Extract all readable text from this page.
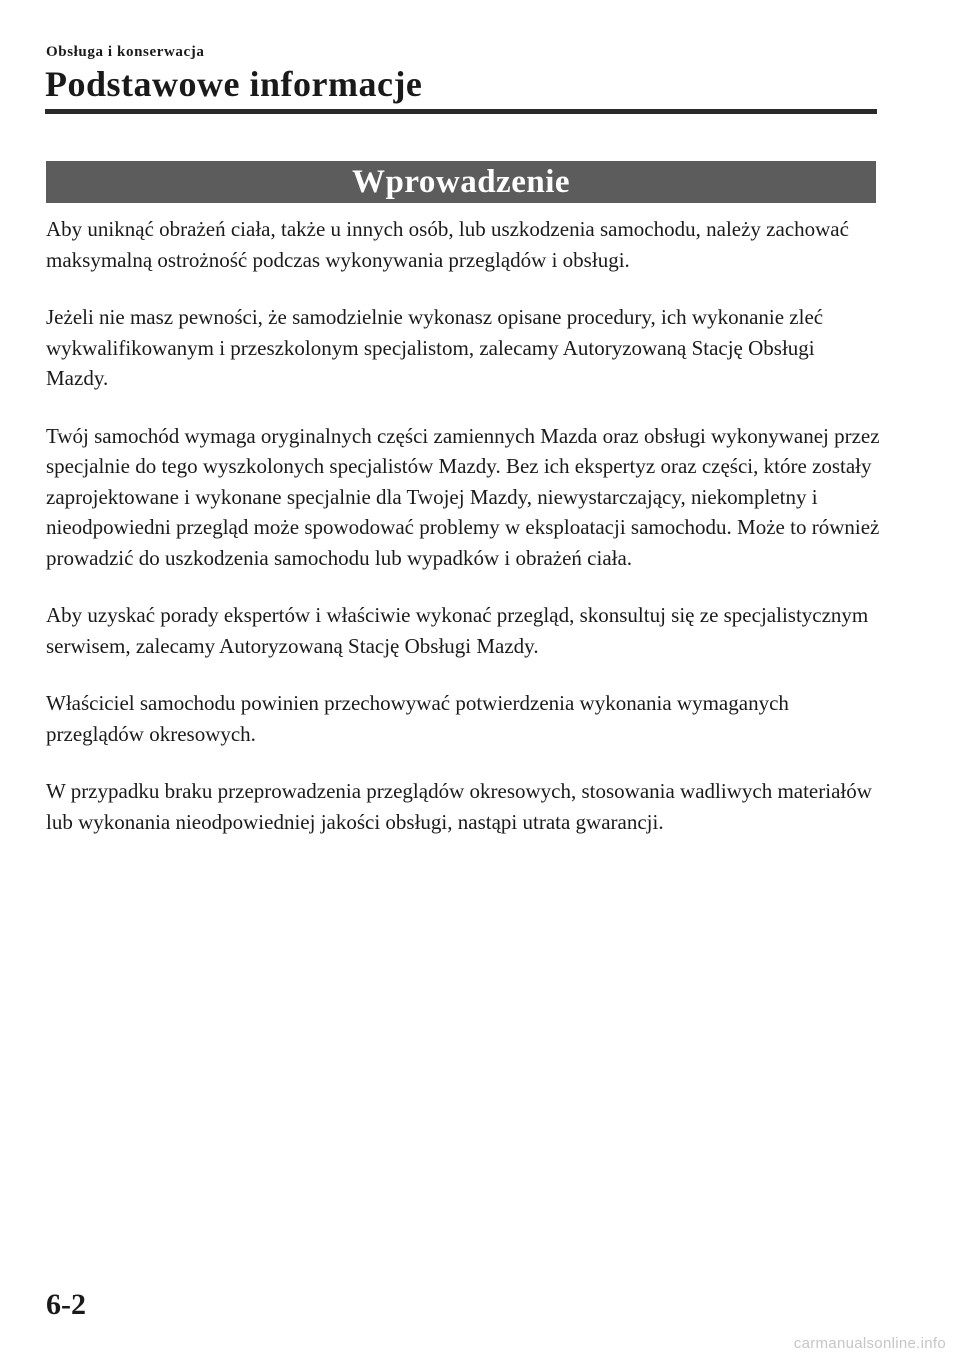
Obsługa i konserwacja
Podstawowe informacje
Wprowadzenie

Aby uniknąć obrażeń ciała, także u innych osób, lub uszkodzenia samochodu, należy zachować maksymalną ostrożność podczas wykonywania przeglądów i obsługi.

Jeżeli nie masz pewności, że samodzielnie wykonasz opisane procedury, ich wykonanie zleć wykwalifikowanym i przeszkolonym specjalistom, zalecamy Autoryzowaną Stację Obsługi Mazdy.

Twój samochód wymaga oryginalnych części zamiennych Mazda oraz obsługi wykonywanej przez specjalnie do tego wyszkolonych specjalistów Mazdy. Bez ich ekspertyz oraz części, które zostały zaprojektowane i wykonane specjalnie dla Twojej Mazdy, niewystarczający, niekompletny i nieodpowiedni przegląd może spowodować problemy w eksploatacji samochodu. Może to również prowadzić do uszkodzenia samochodu lub wypadków i obrażeń ciała.

Aby uzyskać porady ekspertów i właściwie wykonać przegląd, skonsultuj się ze specjalistycznym serwisem, zalecamy Autoryzowaną Stację Obsługi Mazdy.

Właściciel samochodu powinien przechowywać potwierdzenia wykonania wymaganych przeglądów okresowych.

W przypadku braku przeprowadzenia przeglądów okresowych, stosowania wadliwych materiałów lub wykonania nieodpowiedniej jakości obsługi, nastąpi utrata gwarancji.

6-2
carmanualsonline.info
